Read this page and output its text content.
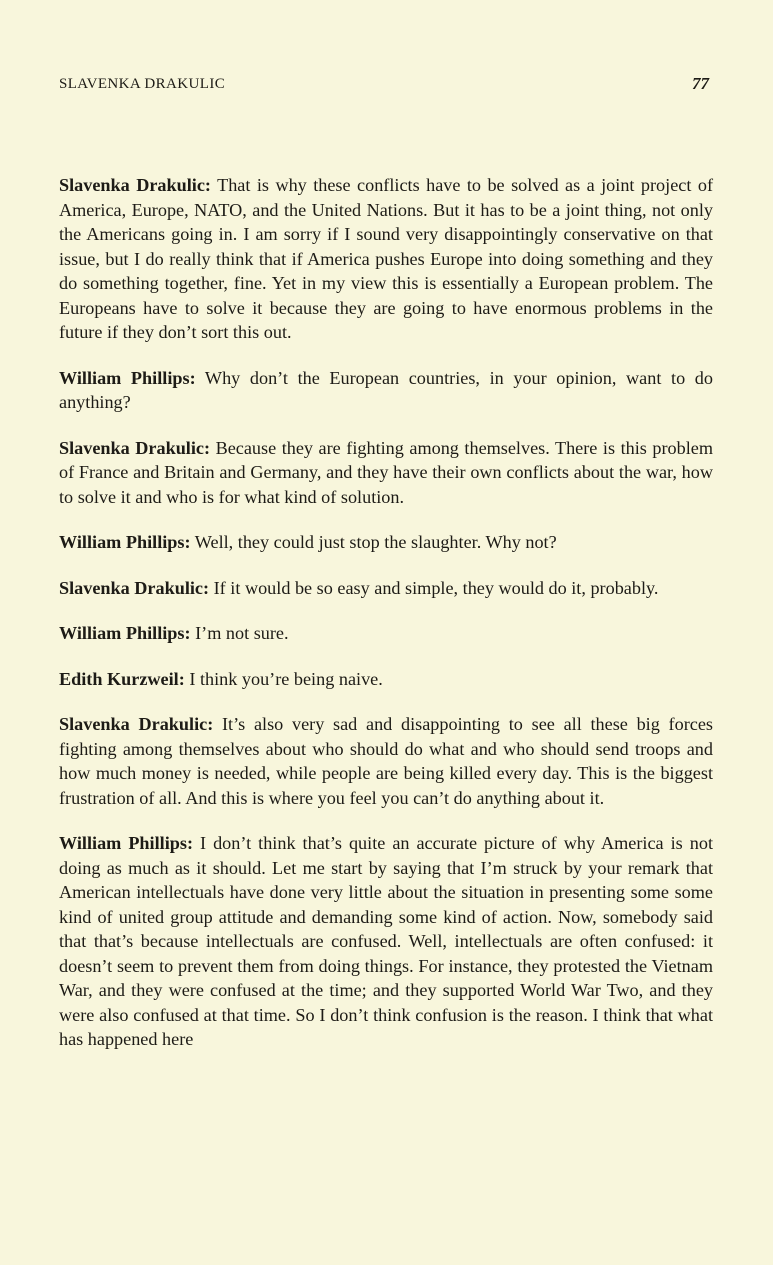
SLAVENKA DRAKULIC	77

Slavenka Drakulic: That is why these conflicts have to be solved as a joint project of America, Europe, NATO, and the United Nations. But it has to be a joint thing, not only the Americans going in. I am sorry if I sound very disappointingly conservative on that issue, but I do really think that if America pushes Europe into doing something and they do something together, fine. Yet in my view this is essentially a European problem. The Europeans have to solve it because they are going to have enormous problems in the future if they don’t sort this out.

William Phillips: Why don’t the European countries, in your opinion, want to do anything?

Slavenka Drakulic: Because they are fighting among themselves. There is this problem of France and Britain and Germany, and they have their own conflicts about the war, how to solve it and who is for what kind of solution.

William Phillips: Well, they could just stop the slaughter. Why not?

Slavenka Drakulic: If it would be so easy and simple, they would do it, probably.

William Phillips: I’m not sure.

Edith Kurzweil: I think you’re being naive.

Slavenka Drakulic: It’s also very sad and disappointing to see all these big forces fighting among themselves about who should do what and who should send troops and how much money is needed, while people are being killed every day. This is the biggest frustration of all. And this is where you feel you can’t do anything about it.

William Phillips: I don’t think that’s quite an accurate picture of why America is not doing as much as it should. Let me start by saying that I’m struck by your remark that American intellectuals have done very little about the situation in presenting some some kind of united group attitude and demanding some kind of action. Now, somebody said that that’s because intellectuals are confused. Well, intellectuals are often confused: it doesn’t seem to prevent them from doing things. For instance, they protested the Vietnam War, and they were confused at the time; and they supported World War Two, and they were also confused at that time. So I don’t think confusion is the reason. I think that what has happened here
